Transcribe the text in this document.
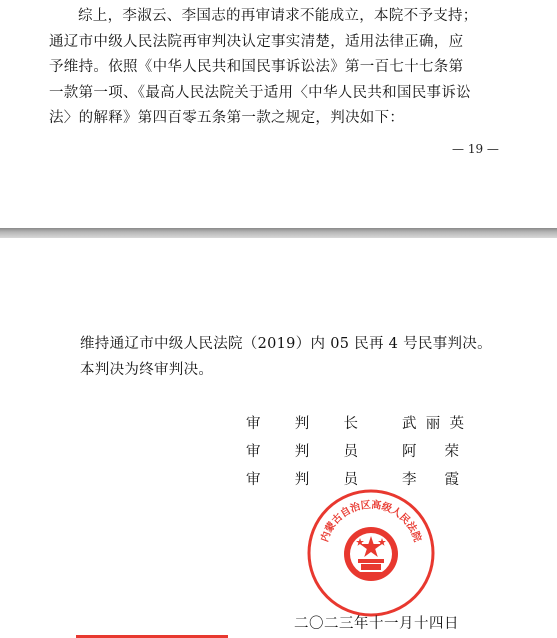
综上，李淑云、李国志的再审请求不能成立，本院不予支持；
通辽市中级人民法院再审判决认定事实清楚，适用法律正确，应
予维持。依照《中华人民共和国民事诉讼法》第一百七十七条第
一款第一项、《最高人民法院关于适用〈中华人民共和国民事诉讼
法〉的解释》第四百零五条第一款之规定，判决如下：
— 19 —
维持通辽市中级人民法院（2019）内 05 民再 4 号民事判决。
本判决为终审判决。
审 判 长	武 丽 英
审 判 员	阿 荣
审 判 员	李 霞
内蒙古自治区高级人民法院
二〇二三年十一月十四日
